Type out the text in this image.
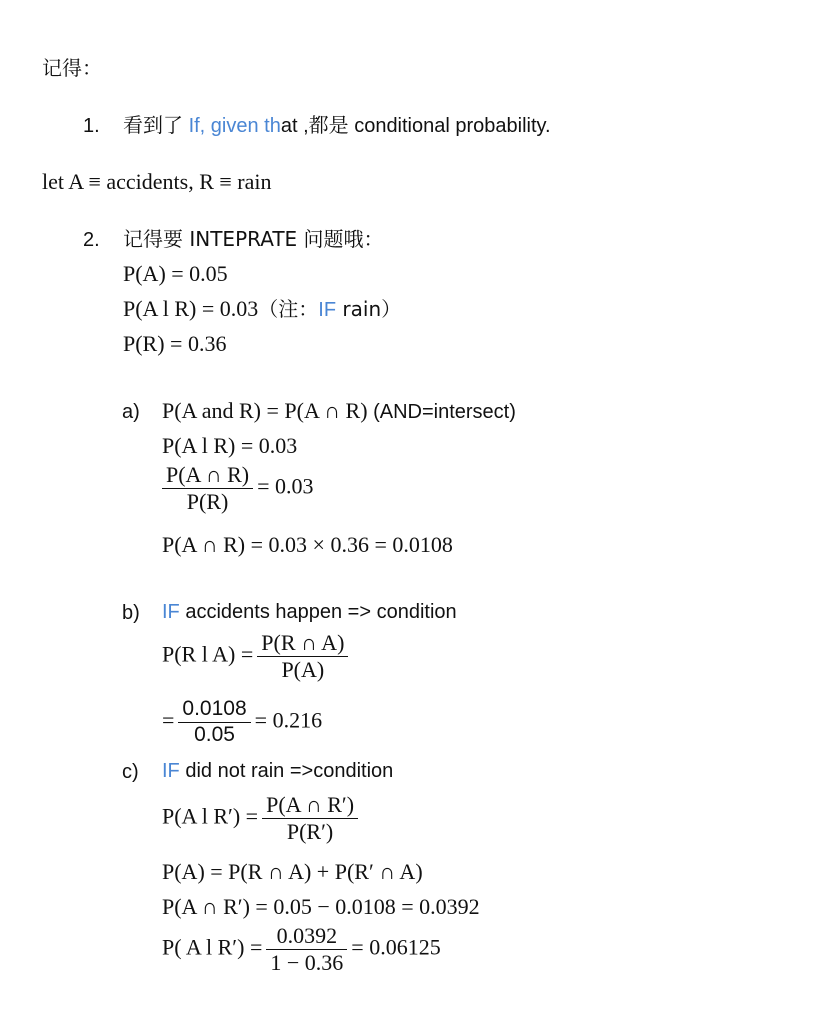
记得：
1. 看到了 If, given that ,都是 conditional probability.
let A ≡ accidents, R ≡ rain
2. 记得要 INTEPRATE 问题哦：
P(A) = 0.05
P(A l R) = 0.03（注：IF rain）
P(R) = 0.36
a) P(A and R) = P(A ∩ R) (AND=intersect)
P(A l R) = 0.03
$\frac{P(A \cap R)}{P(R)} = 0.03$
P(A ∩ R) = 0.03 × 0.36 = 0.0108
b) IF accidents happen => condition
P(R l $A) = \frac{P(R \cap A)}{P(A)}$
= $\frac{0.0108}{0.05} = 0.216$
c) IF did not rain =>condition
P(A l $R') = \frac{P(A \cap R')}{P(R')}$
P(A) = P(R ∩ A) + P(R′ ∩ A)
P(A ∩ R′) = 0.05 − 0.0108 = 0.0392
P( A l $R') = \frac{0.0392}{1 - 0.36} = 0.06125$
